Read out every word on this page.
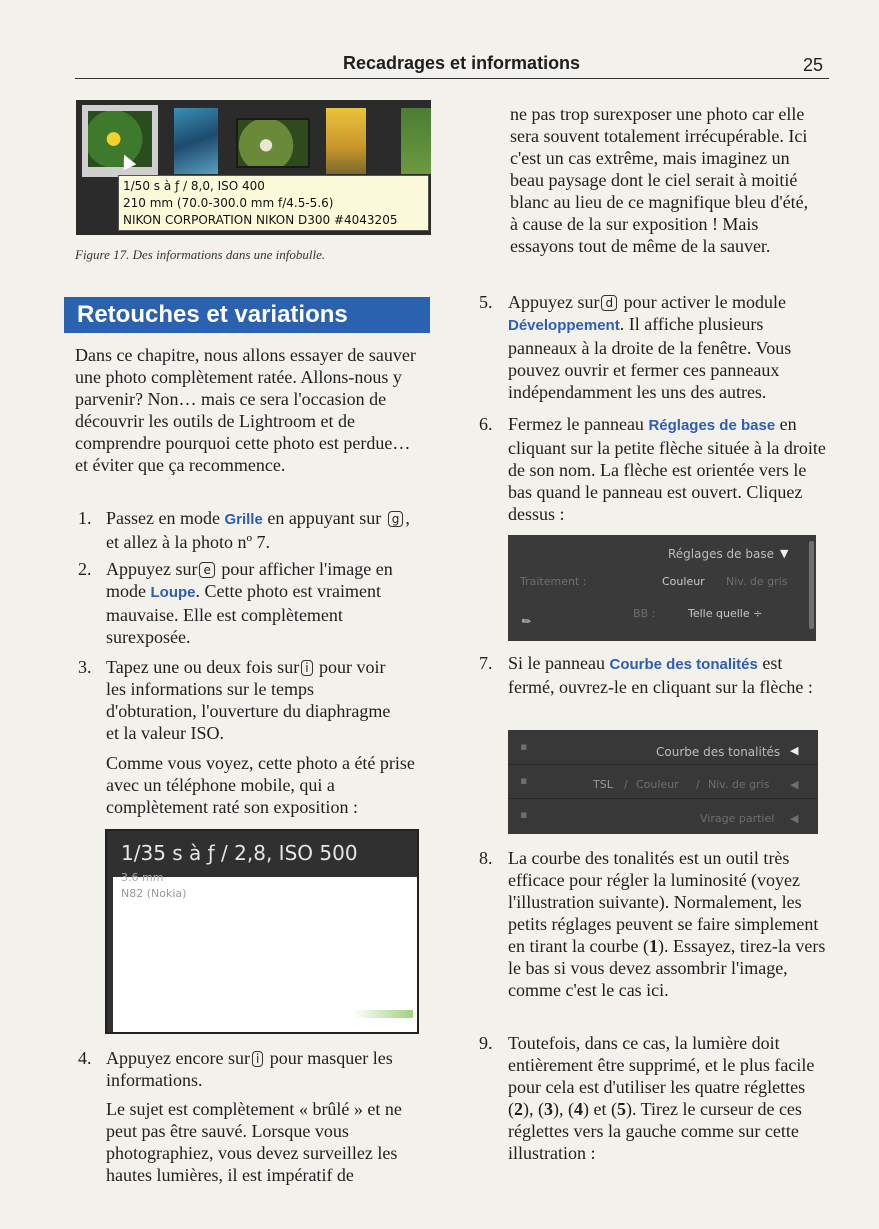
Recadrages et informations	25
1/50 s à ƒ / 8,0, ISO 400
210 mm (70.0-300.0 mm f/4.5-5.6)
NIKON CORPORATION NIKON D300 #4043205
Figure 17. Des informations dans une infobulle.
Retouches et variations

Dans ce chapitre, nous allons essayer de sauver une photo complètement ratée. Allons-nous y parvenir? Non… mais ce sera l'occasion de découvrir les outils de Lightroom et de comprendre pourquoi cette photo est perdue… et éviter que ça recommence.

1. Passez en mode Grille en appuyant sur g , et allez à la photo nº 7.

2. Appuyez sur e pour afficher l'image en mode Loupe. Cette photo est vraiment mauvaise. Elle est complètement surexposée.

3. Tapez une ou deux fois sur i pour voir les informations sur le temps d'obturation, l'ouverture du diaphragme et la valeur ISO.

Comme vous voyez, cette photo a été prise avec un téléphone mobile, qui a complètement raté son exposition :

1/35 s à ƒ / 2,8, ISO 500
3.6 mm
N82 (Nokia)
4. Appuyez encore sur i pour masquer les informations.

Le sujet est complètement « brûlé » et ne peut pas être sauvé. Lorsque vous photographiez, vous devez surveillez les hautes lumières, il est impératif de

ne pas trop surexposer une photo car elle sera souvent totalement irrécupérable. Ici c'est un cas extrême, mais imaginez un beau paysage dont le ciel serait à moitié blanc au lieu de ce magnifique bleu d'été, à cause de la sur exposition ! Mais essayons tout de même de la sauver.

5. Appuyez sur d pour activer le module Développement. Il affiche plusieurs panneaux à la droite de la fenêtre. Vous pouvez ouvrir et fermer ces panneaux indépendamment les uns des autres.

6. Fermez le panneau Réglages de base en cliquant sur la petite flèche située à la droite de son nom. La flèche est orientée vers le bas quand le panneau est ouvert. Cliquez dessus :

Réglages de base ▼
Traitement :	Couleur Niv. de gris
BB :	Telle quelle ÷
✎
7. Si le panneau Courbe des tonalités est fermé, ouvrez-le en cliquant sur la flèche :

▪	Courbe des tonalités ◀
▪	TSL / Couleur / Niv. de gris ◀
▪	Virage partiel ◀
8. La courbe des tonalités est un outil très efficace pour régler la luminosité (voyez l'illustration suivante). Normalement, les petits réglages peuvent se faire simplement en tirant la courbe (1). Essayez, tirez-la vers le bas si vous devez assombrir l'image, comme c'est le cas ici.

9. Toutefois, dans ce cas, la lumière doit entièrement être supprimé, et le plus facile pour cela est d'utiliser les quatre réglettes (2), (3), (4) et (5). Tirez le curseur de ces réglettes vers la gauche comme sur cette illustration :
